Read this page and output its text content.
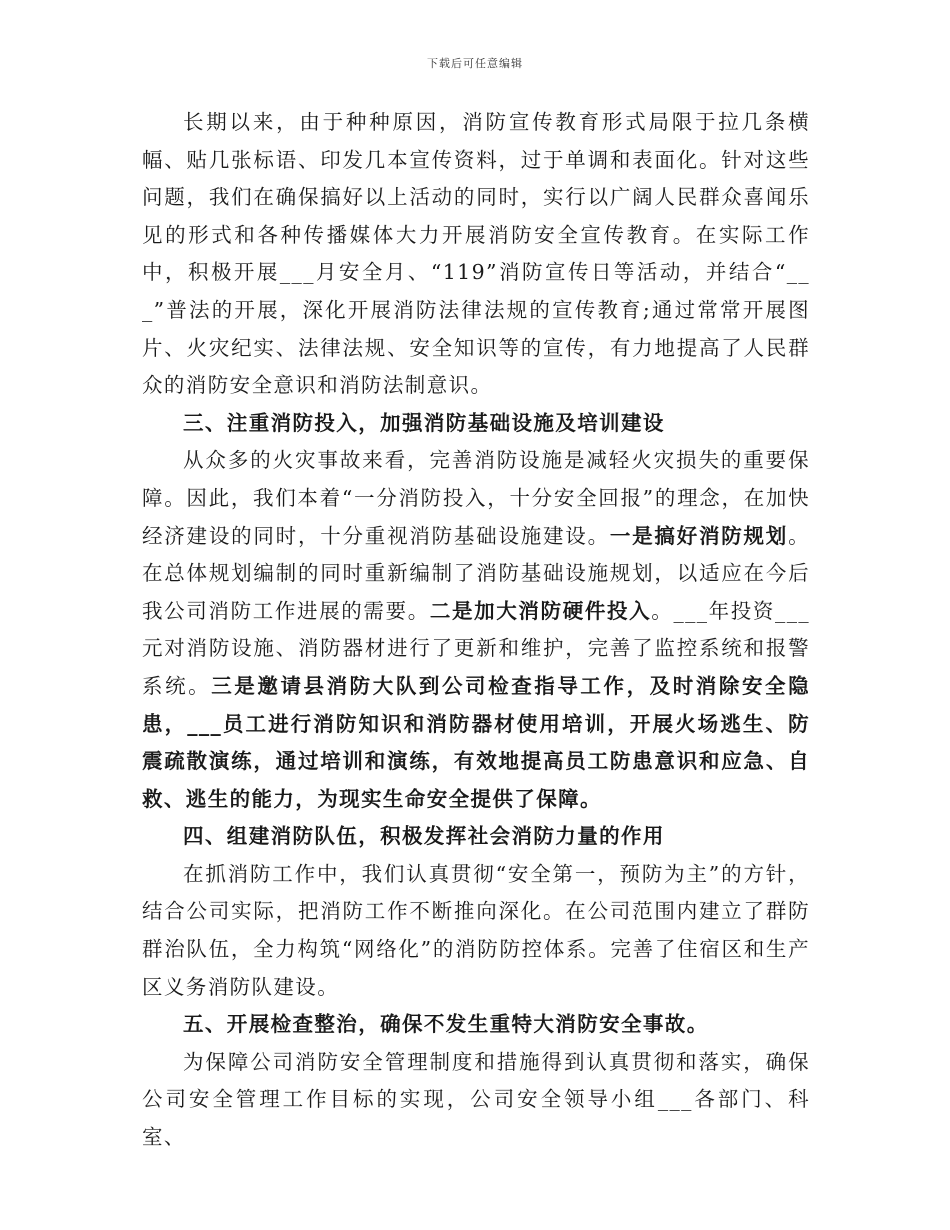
下载后可任意编辑

长期以来，由于种种原因，消防宣传教育形式局限于拉几条横幅、贴几张标语、印发几本宣传资料，过于单调和表面化。针对这些问题，我们在确保搞好以上活动的同时，实行以广阔人民群众喜闻乐见的形式和各种传播媒体大力开展消防安全宣传教育。在实际工作中，积极开展___月安全月、“119”消防宣传日等活动，并结合“___”普法的开展，深化开展消防法律法规的宣传教育;通过常常开展图片、火灾纪实、法律法规、安全知识等的宣传，有力地提高了人民群众的消防安全意识和消防法制意识。

三、注重消防投入，加强消防基础设施及培训建设

从众多的火灾事故来看，完善消防设施是减轻火灾损失的重要保障。因此，我们本着“一分消防投入，十分安全回报”的理念，在加快经济建设的同时，十分重视消防基础设施建设。一是搞好消防规划。在总体规划编制的同时重新编制了消防基础设施规划，以适应在今后我公司消防工作进展的需要。二是加大消防硬件投入。___年投资___元对消防设施、消防器材进行了更新和维护，完善了监控系统和报警系统。三是邀请县消防大队到公司检查指导工作，及时消除安全隐患，___员工进行消防知识和消防器材使用培训，开展火场逃生、防震疏散演练，通过培训和演练，有效地提高员工防患意识和应急、自救、逃生的能力，为现实生命安全提供了保障。

四、组建消防队伍，积极发挥社会消防力量的作用

在抓消防工作中，我们认真贯彻“安全第一，预防为主”的方针，结合公司实际，把消防工作不断推向深化。在公司范围内建立了群防群治队伍，全力构筑“网络化”的消防防控体系。完善了住宿区和生产区义务消防队建设。

五、开展检查整治，确保不发生重特大消防安全事故。

为保障公司消防安全管理制度和措施得到认真贯彻和落实，确保公司安全管理工作目标的实现，公司安全领导小组___各部门、科室、
